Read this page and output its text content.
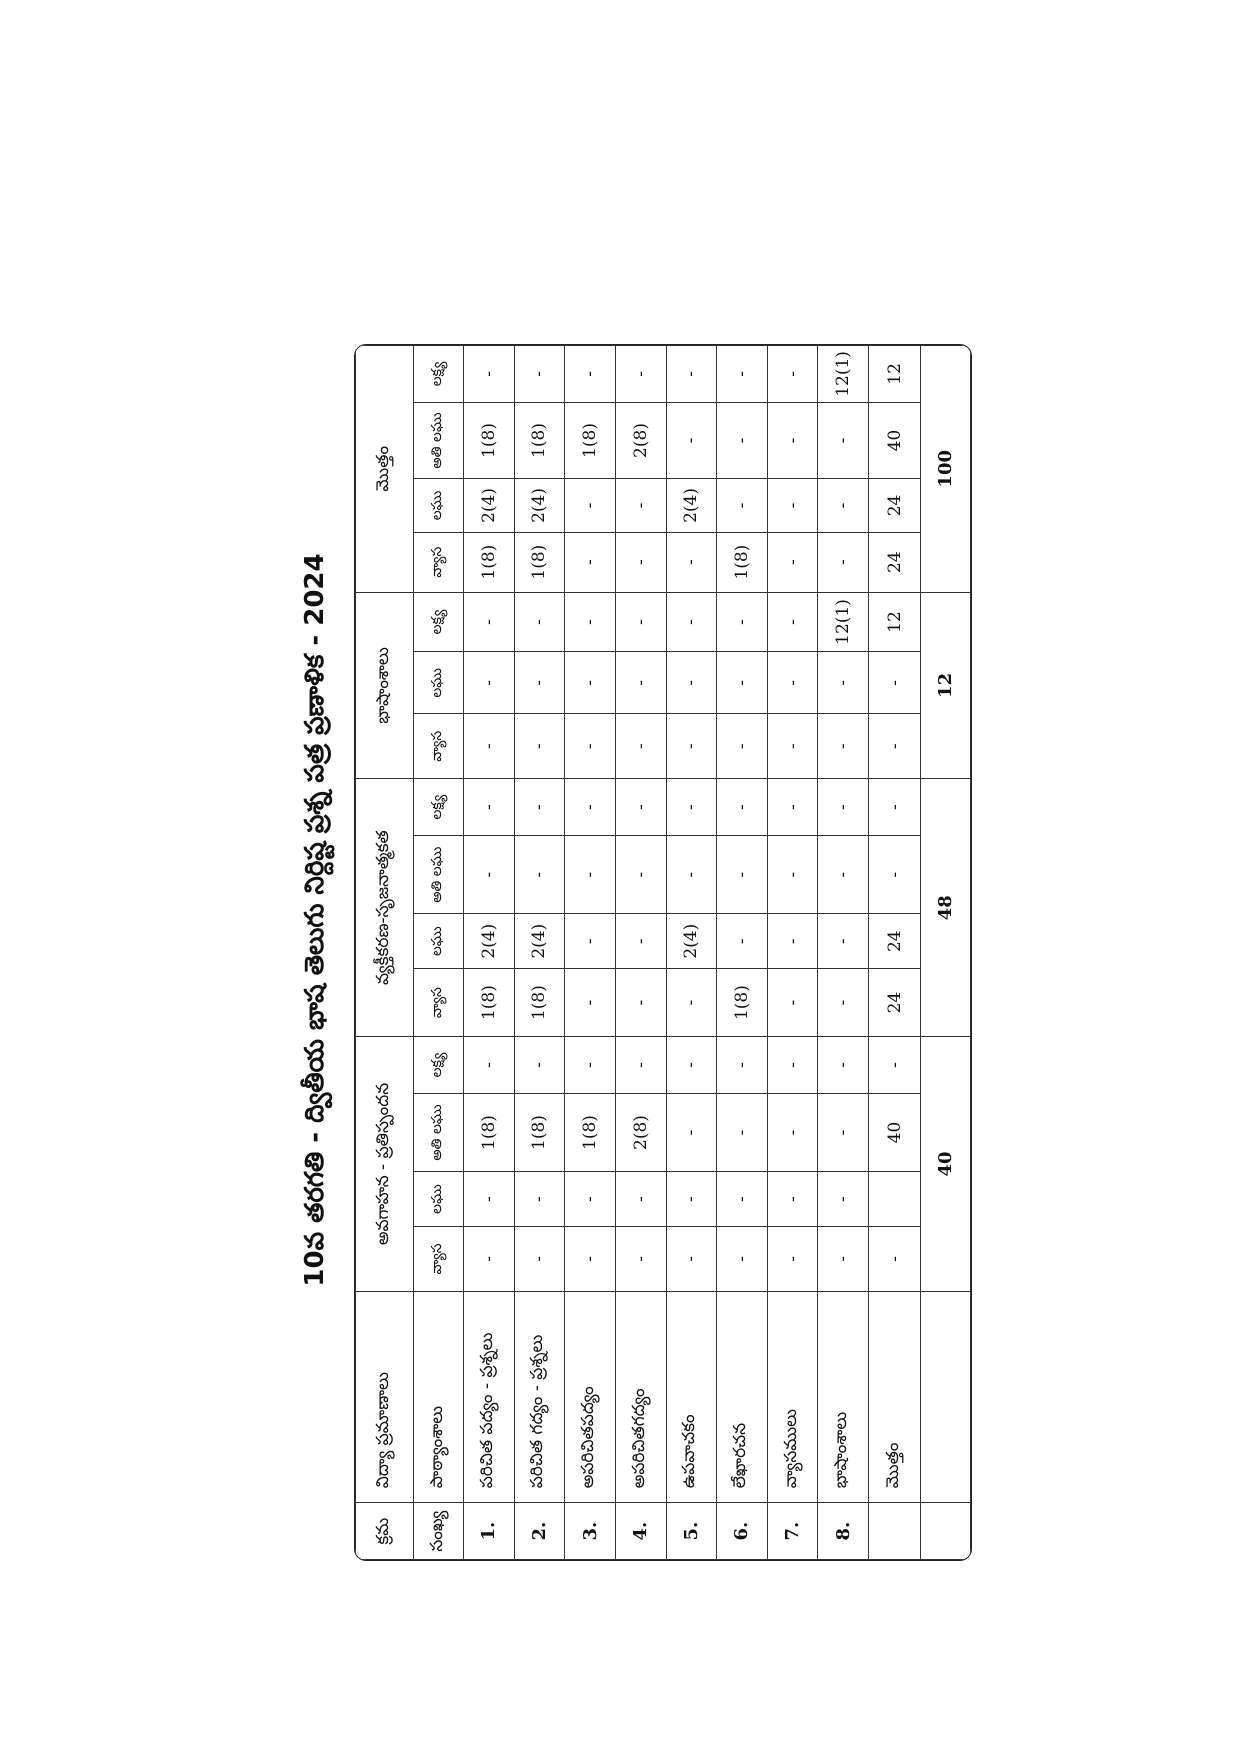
10వ తరగతి - ద్వితీయ భాష తెలుగు నిర్దిష్ట ప్రశ్న పత్ర ప్రణాళిక - 2024
క్రమ	విద్యా ప్రమాణాలు	అవగాహన - ప్రతిస్పందన				వ్యక్తీకరణ-సృజనాత్మకత				భాషాంశాలు			మొత్తం			
సంఖ్య	పాఠ్యాంశాలు	వ్యాస	లఘు	అతి లఘు	లక్ష్య	వ్యాస	లఘు	అతి లఘు	లక్ష్య	వ్యాస	లఘు	లక్ష్య	వ్యాస	లఘు	అతి లఘు	లక్ష్య
1.	పరిచిత పద్యం - ప్రశ్నలు	-	-	1(8)	-	1(8)	2(4)	-	-	-	-	-	1(8)	2(4)	1(8)	-
2.	పరిచిత గద్యం - ప్రశ్నలు	-	-	1(8)	-	1(8)	2(4)	-	-	-	-	-	1(8)	2(4)	1(8)	-
3.	అపరిచితపద్యం	-	-	1(8)	-	-	-	-	-	-	-	-	-	-	1(8)	-
4.	అపరిచితగద్యం	-	-	2(8)	-	-	-	-	-	-	-	-	-	-	2(8)	-
5.	ఉపవాచకం	-	-	-	-	-	2(4)	-	-	-	-	-	-	2(4)	-	-
6.	లేఖారచన	-	-	-	-	1(8)	-	-	-	-	-	-	1(8)	-	-	-
7.	వ్యాసములు	-	-	-	-	-	-	-	-	-	-	-	-	-	-	-
8.	భాషాంశాలు	-	-	-	-	-	-	-	-	-	-	12(1)	-	-	-	12(1)
	మొత్తం	-		40	-	24	24	-	-	-	-	12	24	24	40	12
		40				48				12			100			
